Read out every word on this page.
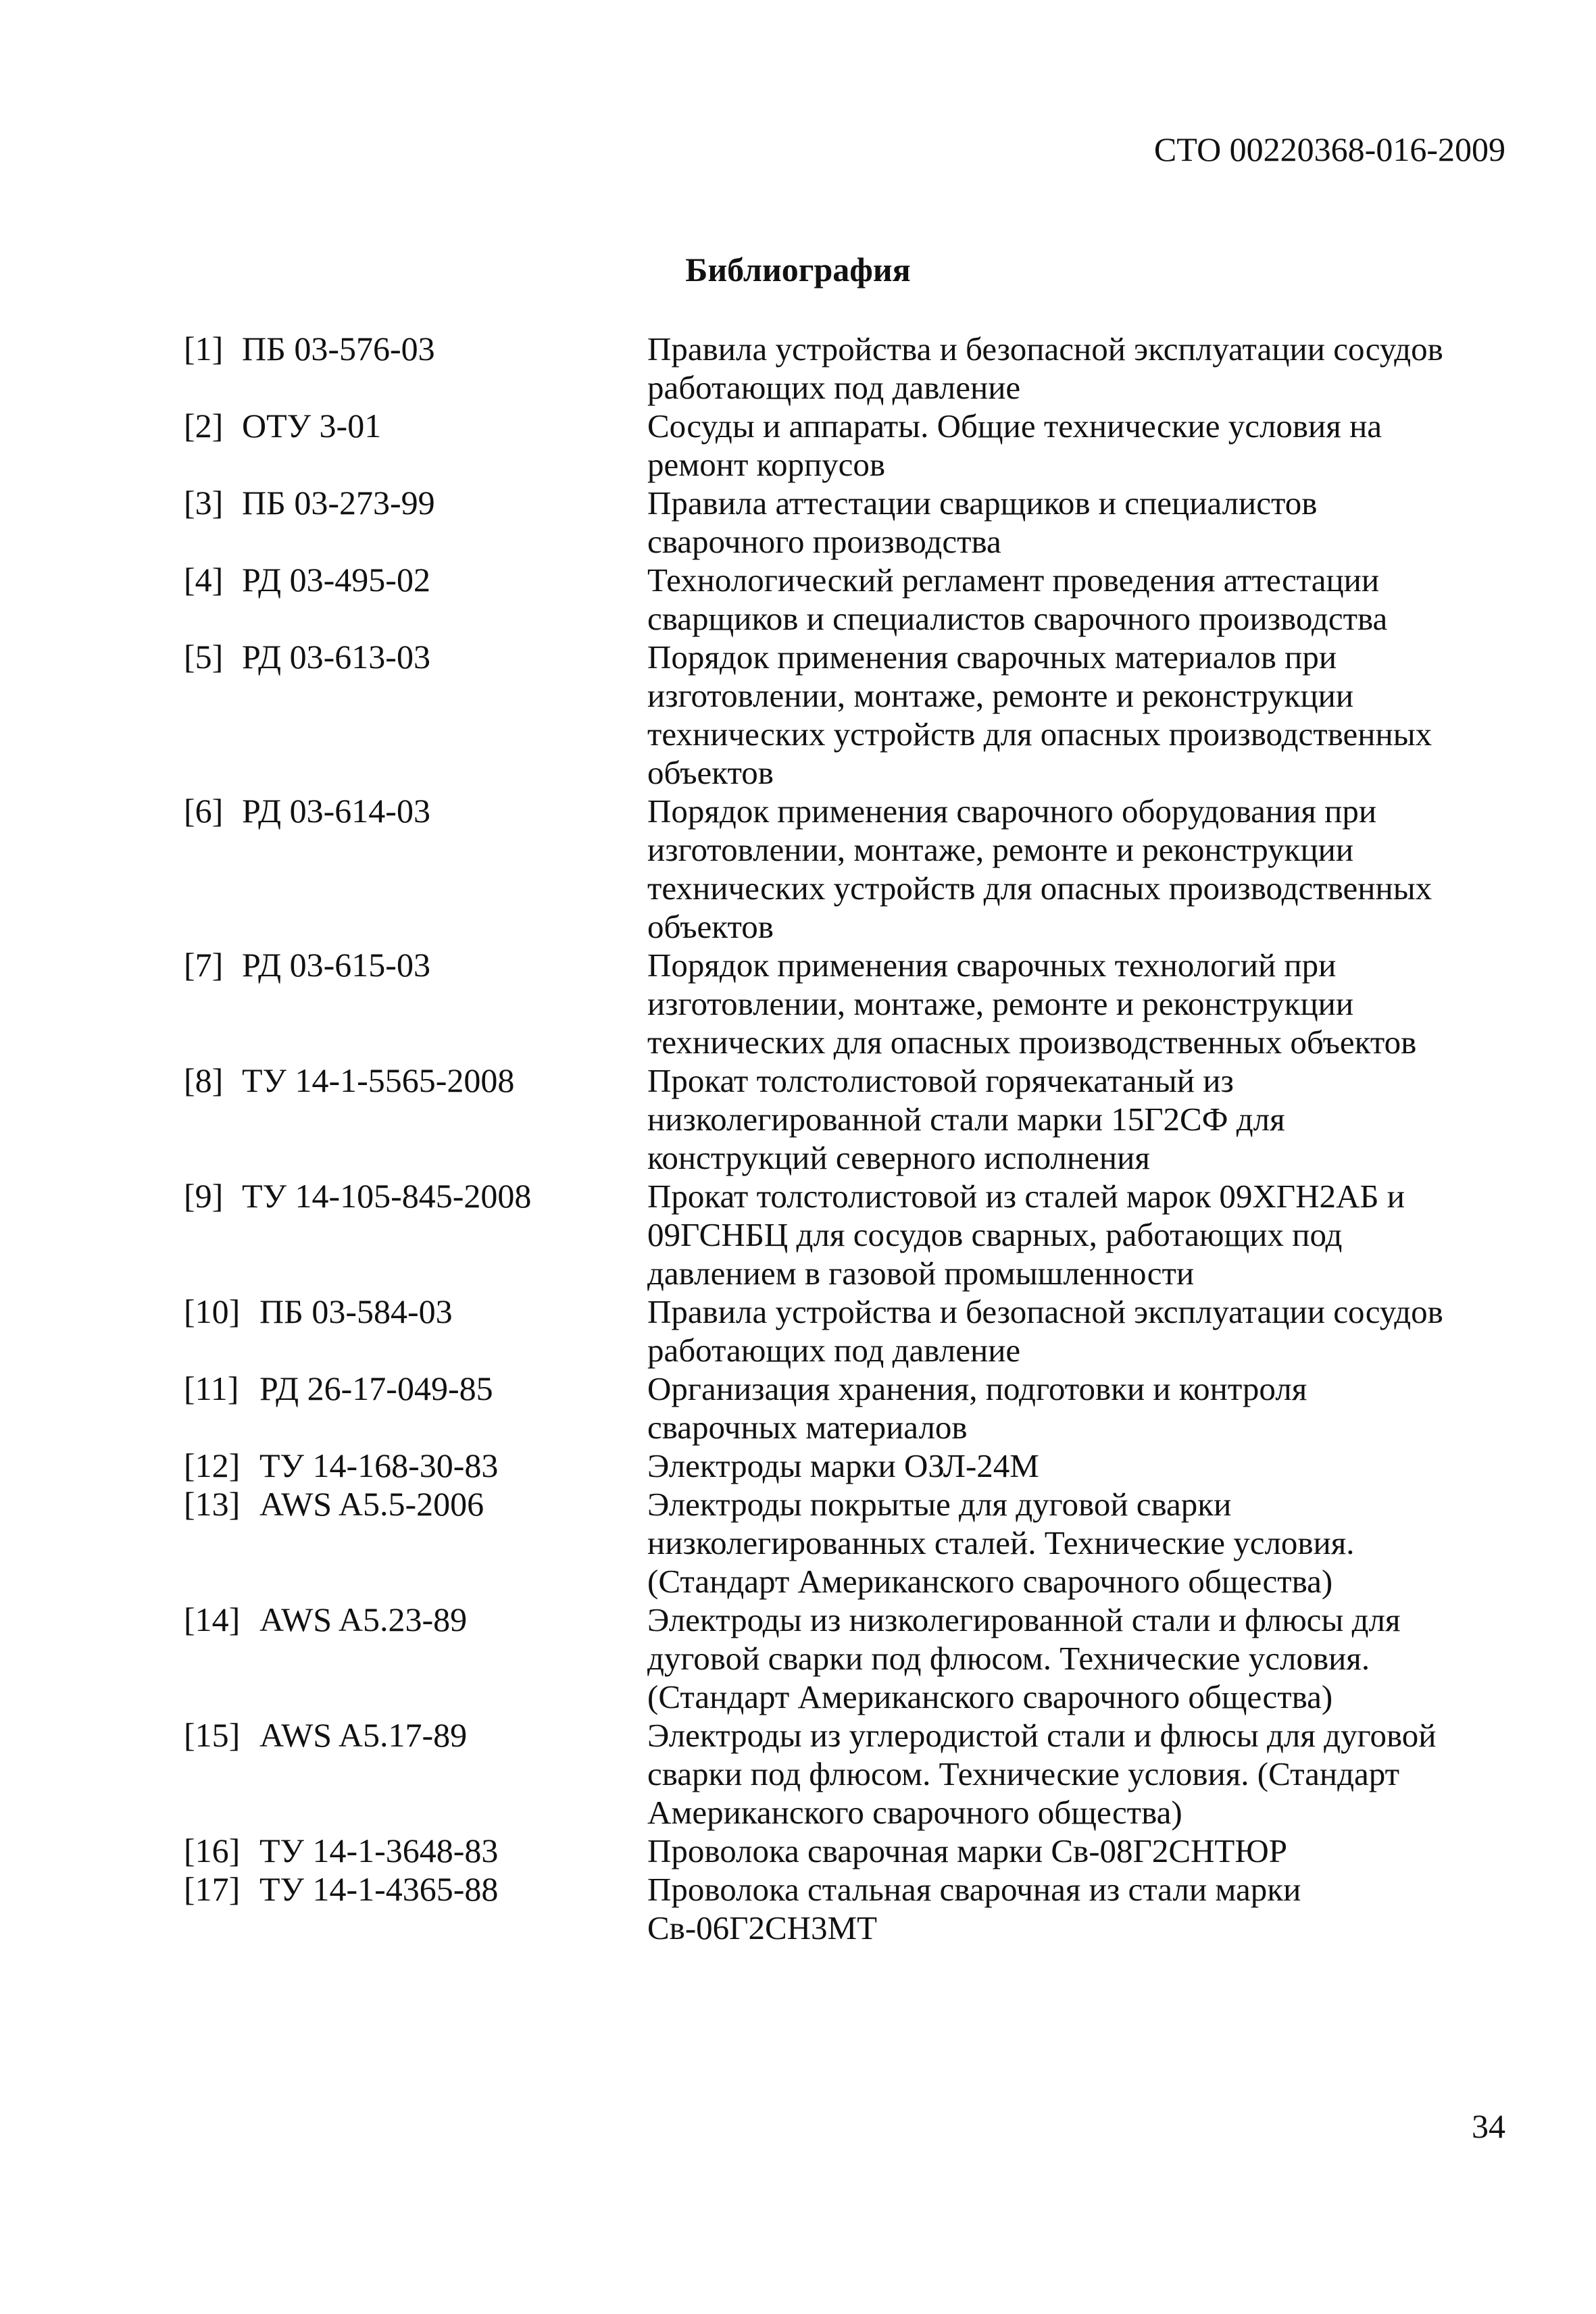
СТО 00220368-016-2009
Библиография
[1] ПБ 03-576-03	Правила устройства и безопасной эксплуатации сосудов
работающих под давление
[2] ОТУ 3-01	Сосуды и аппараты. Общие технические условия на
ремонт корпусов
[3] ПБ 03-273-99	Правила аттестации сварщиков и специалистов
сварочного производства
[4] РД 03-495-02	Технологический регламент проведения аттестации
сварщиков и специалистов сварочного производства
[5] РД 03-613-03	Порядок применения сварочных материалов при
изготовлении, монтаже, ремонте и реконструкции
технических устройств для опасных производственных
объектов
[6] РД 03-614-03	Порядок применения сварочного оборудования при
изготовлении, монтаже, ремонте и реконструкции
технических устройств для опасных производственных
объектов
[7] РД 03-615-03	Порядок применения сварочных технологий при
изготовлении, монтаже, ремонте и реконструкции
технических для опасных производственных объектов
[8] ТУ 14-1-5565-2008	Прокат толстолистовой горячекатаный из
низколегированной стали марки 15Г2СФ для
конструкций северного исполнения
[9] ТУ 14-105-845-2008	Прокат толстолистовой из сталей марок 09ХГН2АБ и
09ГСНБЦ для сосудов сварных, работающих под
давлением в газовой промышленности
[10] ПБ 03-584-03	Правила устройства и безопасной эксплуатации сосудов
работающих под давление
[11] РД 26-17-049-85	Организация хранения, подготовки и контроля
сварочных материалов
[12] ТУ 14-168-30-83	Электроды марки ОЗЛ-24М
[13] AWS A5.5-2006	Электроды покрытые для дуговой сварки
низколегированных сталей. Технические условия.
(Стандарт Американского сварочного общества)
[14] AWS A5.23-89	Электроды из низколегированной стали и флюсы для
дуговой сварки под флюсом. Технические условия.
(Стандарт Американского сварочного общества)
[15] AWS A5.17-89	Электроды из углеродистой стали и флюсы для дуговой
сварки под флюсом. Технические условия. (Стандарт
Американского сварочного общества)
[16] ТУ 14-1-3648-83	Проволока сварочная марки Св-08Г2СНТЮР
[17] ТУ 14-1-4365-88	Проволока стальная сварочная из стали марки
Св-06Г2СН3МТ
34
